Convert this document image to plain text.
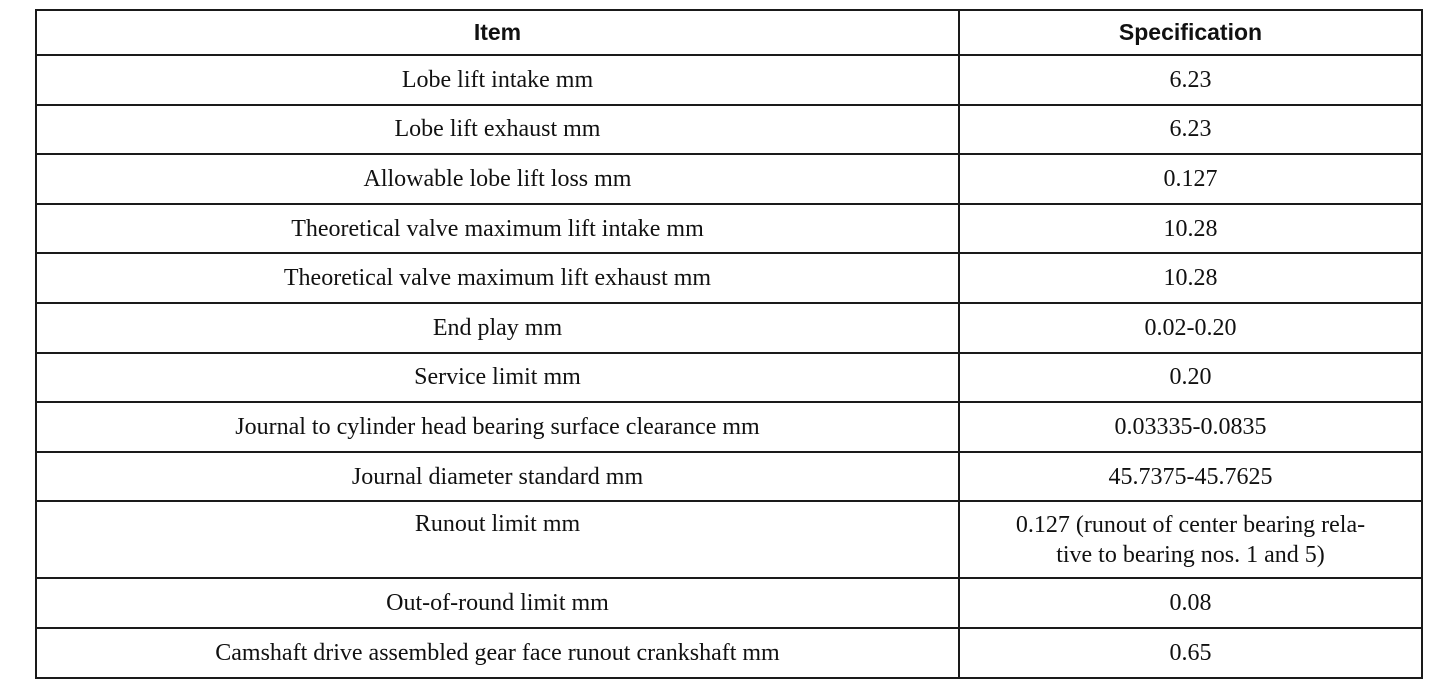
Item	Specification
Lobe lift intake mm	6.23
Lobe lift exhaust mm	6.23
Allowable lobe lift loss mm	0.127
Theoretical valve maximum lift intake mm	10.28
Theoretical valve maximum lift exhaust mm	10.28
End play mm	0.02-0.20
Service limit mm	0.20
Journal to cylinder head bearing surface clearance mm	0.03335-0.0835
Journal diameter standard mm	45.7375-45.7625
Runout limit mm	0.127 (runout of center bearing rela-
tive to bearing nos. 1 and 5)

Out-of-round limit mm	0.08
Camshaft drive assembled gear face runout crankshaft mm	0.65
